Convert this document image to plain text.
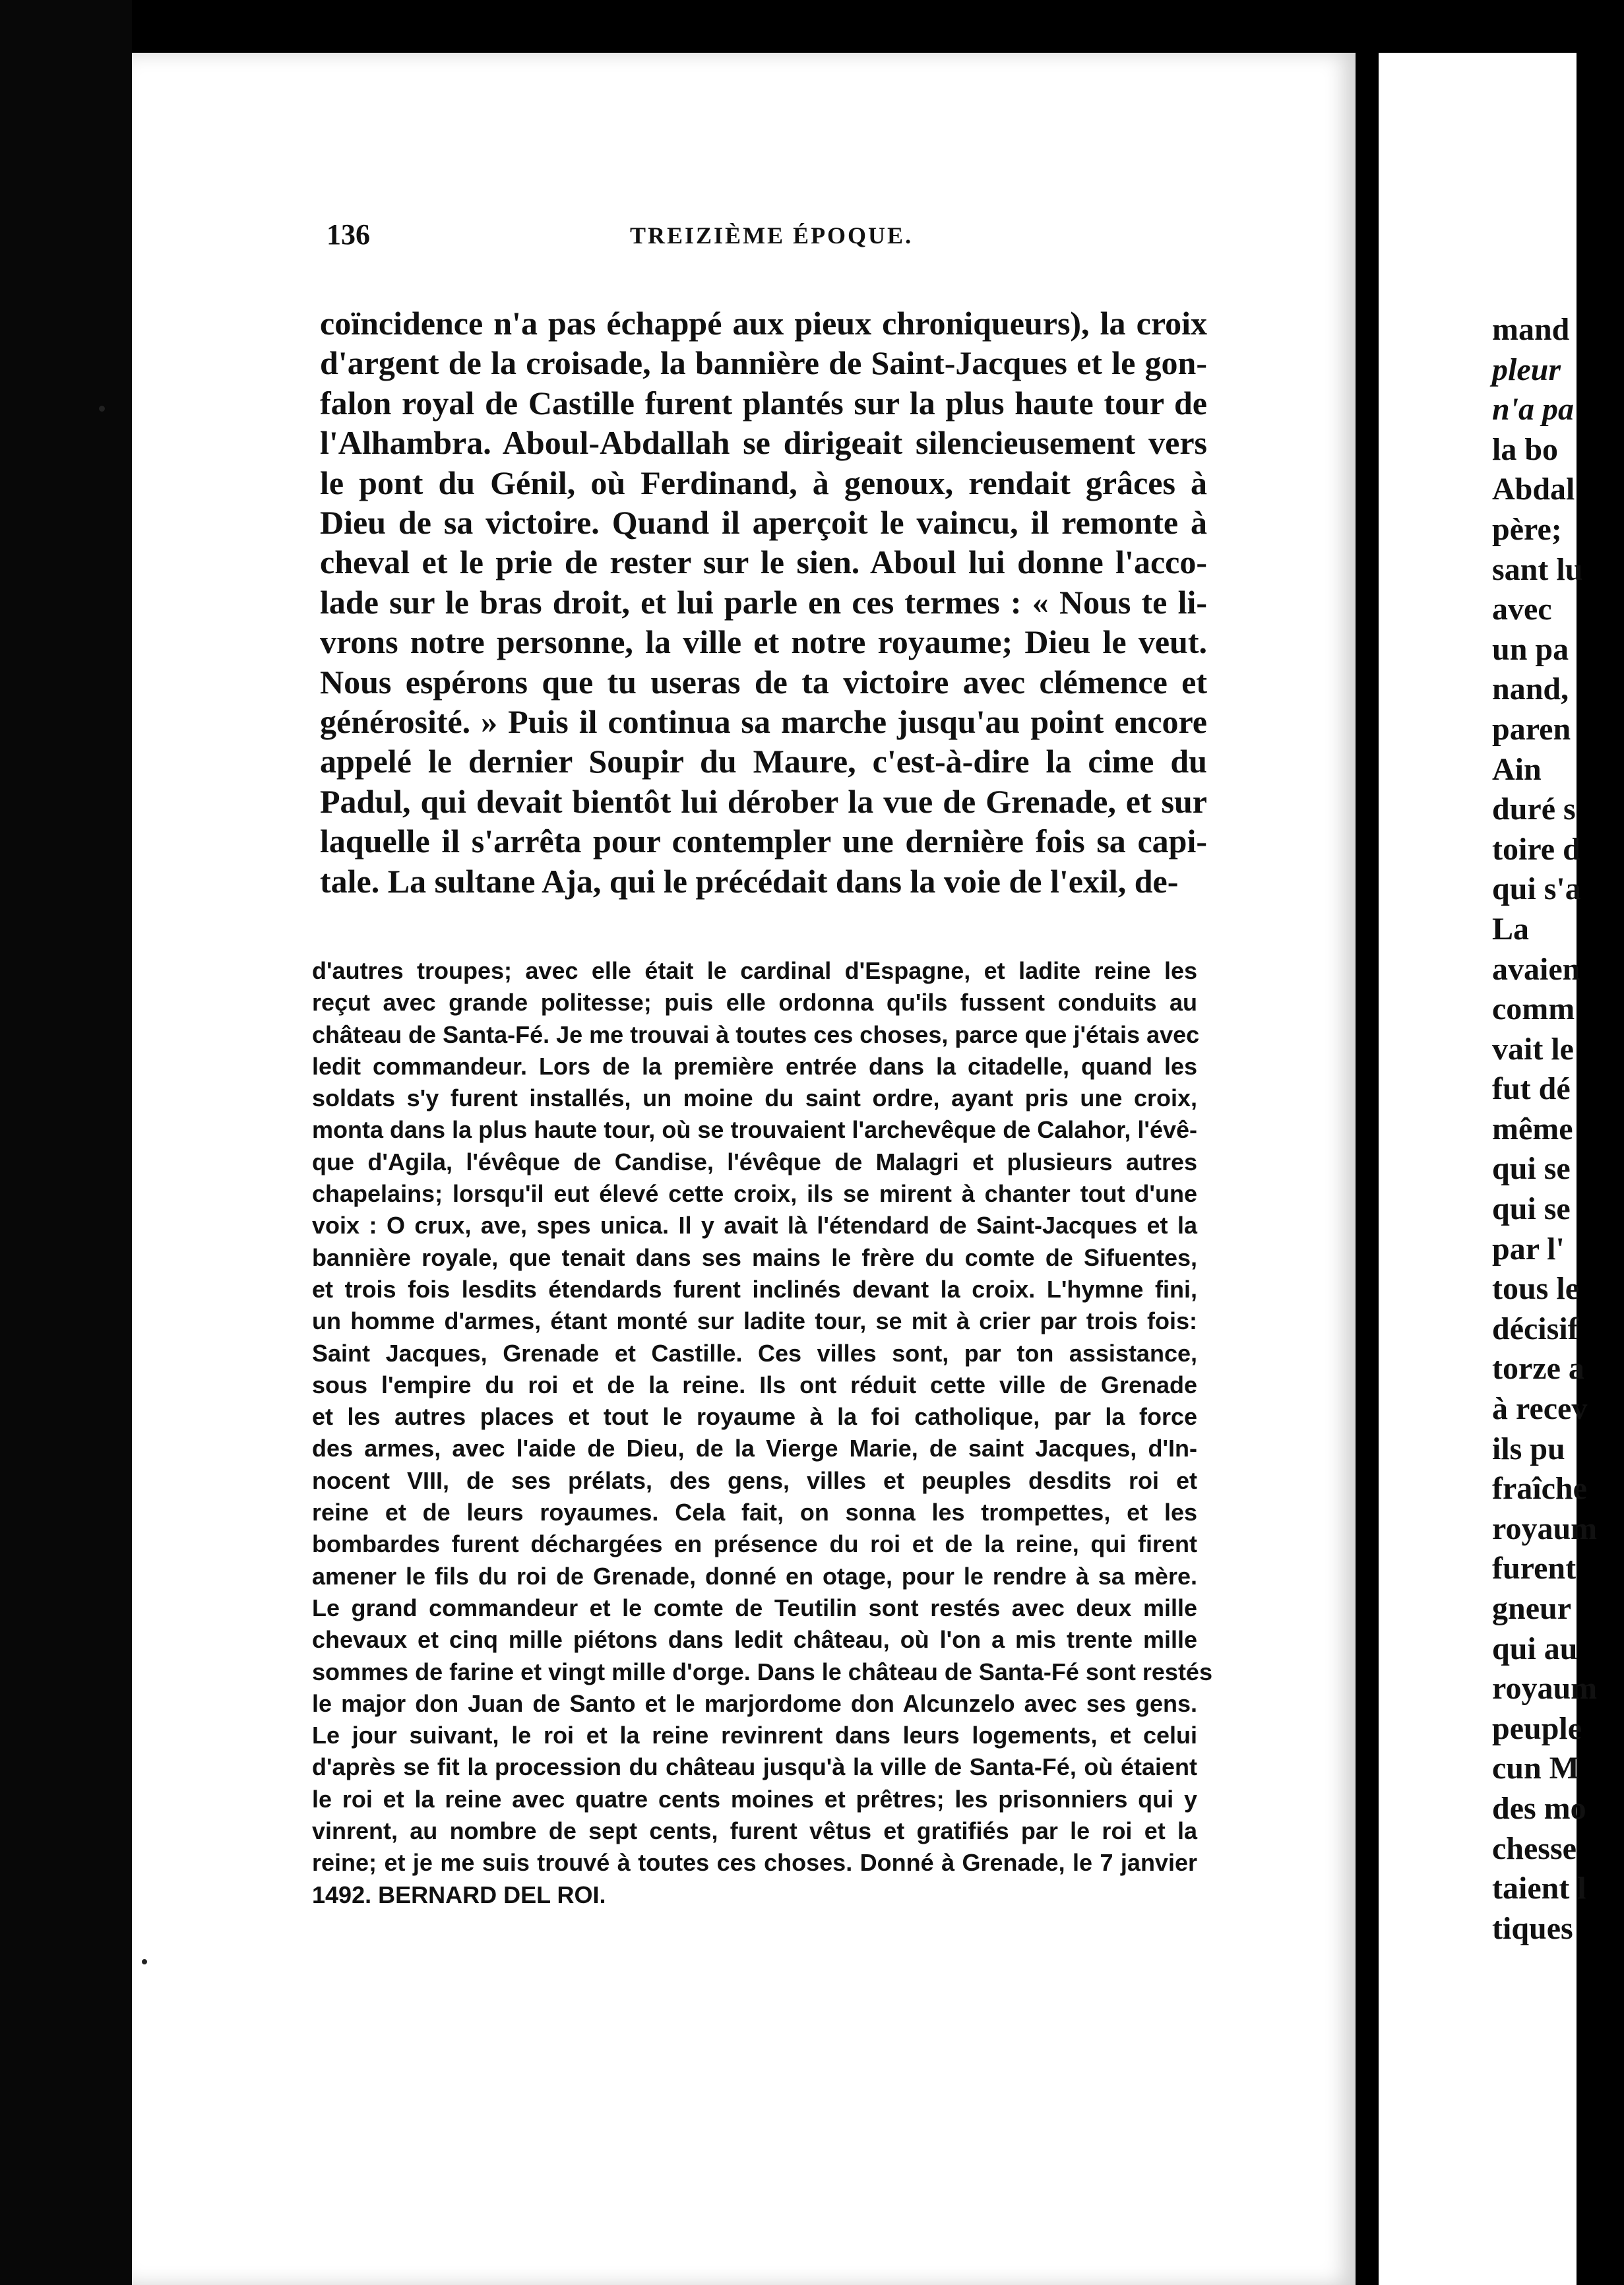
136	TREIZIÈME ÉPOQUE.
coïncidence n'a pas échappé aux pieux chroniqueurs), la croix
d'argent de la croisade, la bannière de Saint-Jacques et le gon-
falon royal de Castille furent plantés sur la plus haute tour de
l'Alhambra. Aboul-Abdallah se dirigeait silencieusement vers
le pont du Génil, où Ferdinand, à genoux, rendait grâces à
Dieu de sa victoire. Quand il aperçoit le vaincu, il remonte à
cheval et le prie de rester sur le sien. Aboul lui donne l'acco-
lade sur le bras droit, et lui parle en ces termes : « Nous te li-
vrons notre personne, la ville et notre royaume; Dieu le veut.
Nous espérons que tu useras de ta victoire avec clémence et
générosité. » Puis il continua sa marche jusqu'au point encore
appelé le dernier Soupir du Maure, c'est-à-dire la cime du
Padul, qui devait bientôt lui dérober la vue de Grenade, et sur
laquelle il s'arrêta pour contempler une dernière fois sa capi-
tale. La sultane Aja, qui le précédait dans la voie de l'exil, de-
d'autres troupes; avec elle était le cardinal d'Espagne, et ladite reine les
reçut avec grande politesse; puis elle ordonna qu'ils fussent conduits au
château de Santa-Fé. Je me trouvai à toutes ces choses, parce que j'étais avec
ledit commandeur. Lors de la première entrée dans la citadelle, quand les
soldats s'y furent installés, un moine du saint ordre, ayant pris une croix,
monta dans la plus haute tour, où se trouvaient l'archevêque de Calahor, l'évê-
que d'Agila, l'évêque de Candise, l'évêque de Malagri et plusieurs autres
chapelains; lorsqu'il eut élevé cette croix, ils se mirent à chanter tout d'une
voix : O crux, ave, spes unica. Il y avait là l'étendard de Saint-Jacques et la
bannière royale, que tenait dans ses mains le frère du comte de Sifuentes,
et trois fois lesdits étendards furent inclinés devant la croix. L'hymne fini,
un homme d'armes, étant monté sur ladite tour, se mit à crier par trois fois:
Saint Jacques, Grenade et Castille. Ces villes sont, par ton assistance,
sous l'empire du roi et de la reine. Ils ont réduit cette ville de Grenade
et les autres places et tout le royaume à la foi catholique, par la force
des armes, avec l'aide de Dieu, de la Vierge Marie, de saint Jacques, d'In-
nocent VIII, de ses prélats, des gens, villes et peuples desdits roi et
reine et de leurs royaumes. Cela fait, on sonna les trompettes, et les
bombardes furent déchargées en présence du roi et de la reine, qui firent
amener le fils du roi de Grenade, donné en otage, pour le rendre à sa mère.
Le grand commandeur et le comte de Teutilin sont restés avec deux mille
chevaux et cinq mille piétons dans ledit château, où l'on a mis trente mille
sommes de farine et vingt mille d'orge. Dans le château de Santa-Fé sont restés
le major don Juan de Santo et le marjordome don Alcunzelo avec ses gens.
Le jour suivant, le roi et la reine revinrent dans leurs logements, et celui
d'après se fit la procession du château jusqu'à la ville de Santa-Fé, où étaient
le roi et la reine avec quatre cents moines et prêtres; les prisonniers qui y
vinrent, au nombre de sept cents, furent vêtus et gratifiés par le roi et la
reine; et je me suis trouvé à toutes ces choses. Donné à Grenade, le 7 janvier
1492. BERNARD DEL ROI.
mand
pleur
n'a pa
la bo
Abdal
père;
sant lu
avec
un pa
nand,
paren
Ain
duré s
toire d
qui s'a
La
avaien
comm
vait le
fut dé
même
qui se
qui se
par l'
tous le
décisif
torze a
à recev
ils pu
fraîche
royaum
furent
gneur
qui au
royaum
peuple
cun M
des mo
chesse
taient l
tiques
